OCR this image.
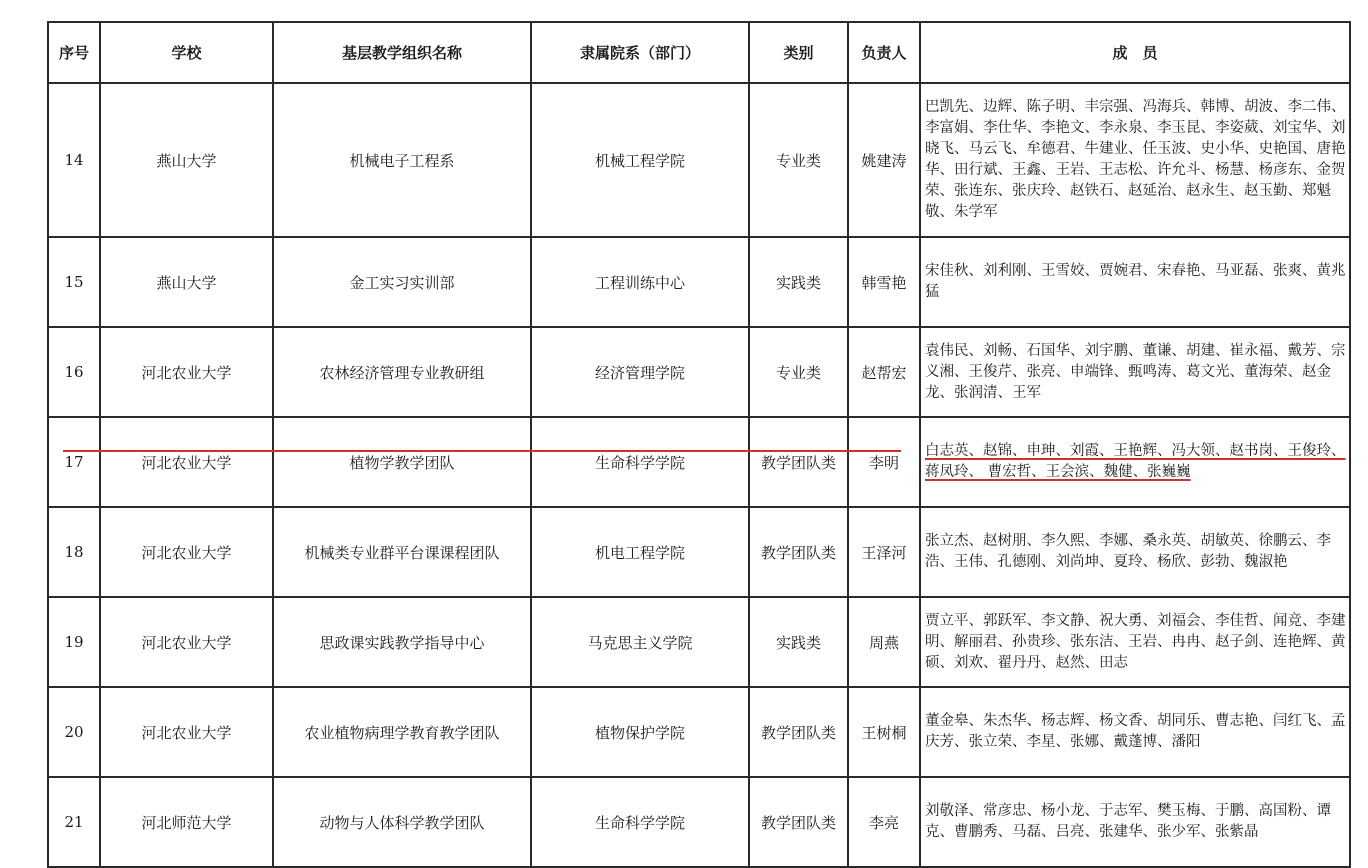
序号	学校	基层教学组织名称	隶属院系（部门）	类别	负责人	成　员
14	燕山大学	机械电子工程系	机械工程学院	专业类	姚建涛	巴凯先、边辉、陈子明、丰宗强、冯海兵、韩博、胡波、李二伟、李富娟、李仕华、李艳文、李永泉、李玉昆、李姿葳、刘宝华、刘晓飞、马云飞、牟德君、牛建业、任玉波、史小华、史艳国、唐艳华、田行斌、王鑫、王岩、王志松、许允斗、杨慧、杨彦东、金贺荣、张连东、张庆玲、赵铁石、赵延治、赵永生、赵玉勤、郑魁敬、朱学军
15	燕山大学	金工实习实训部	工程训练中心	实践类	韩雪艳	宋佳秋、刘利刚、王雪姣、贾婉君、宋春艳、马亚磊、张爽、黄兆猛
16	河北农业大学	农林经济管理专业教研组	经济管理学院	专业类	赵帮宏	袁伟民、刘畅、石国华、刘宇鹏、董谦、胡建、崔永福、戴芳、宗义湘、王俊芹、张亮、申端锋、甄鸣涛、葛文光、董海荣、赵金龙、张润清、王军
17	河北农业大学	植物学教学团队	生命科学学院	教学团队类	李明	白志英、赵锦、申珅、刘霞、王艳辉、冯大领、赵书岗、王俊玲、蒋凤玲、 曹宏哲、王会滨、魏健、张巍巍
18	河北农业大学	机械类专业群平台课课程团队	机电工程学院	教学团队类	王泽河	张立杰、赵树朋、李久熙、李娜、桑永英、胡敏英、徐鹏云、李浩、王伟、孔德刚、刘尚坤、夏玲、杨欣、彭勃、魏淑艳
19	河北农业大学	思政课实践教学指导中心	马克思主义学院	实践类	周燕	贾立平、郭跃军、李文静、祝大勇、刘福会、李佳哲、闻竞、李建明、解丽君、孙贵珍、张东洁、王岩、冉冉、赵子剑、连艳辉、黄硕、刘欢、翟丹丹、赵然、田志
20	河北农业大学	农业植物病理学教育教学团队	植物保护学院	教学团队类	王树桐	董金皋、朱杰华、杨志辉、杨文香、胡同乐、曹志艳、闫红飞、孟庆芳、张立荣、李星、张娜、戴蓬博、潘阳
21	河北师范大学	动物与人体科学教学团队	生命科学学院	教学团队类	李亮	刘敬泽、常彦忠、杨小龙、于志军、樊玉梅、于鹏、高国粉、谭克、曹鹏秀、马磊、吕亮、张建华、张少军、张紫晶
